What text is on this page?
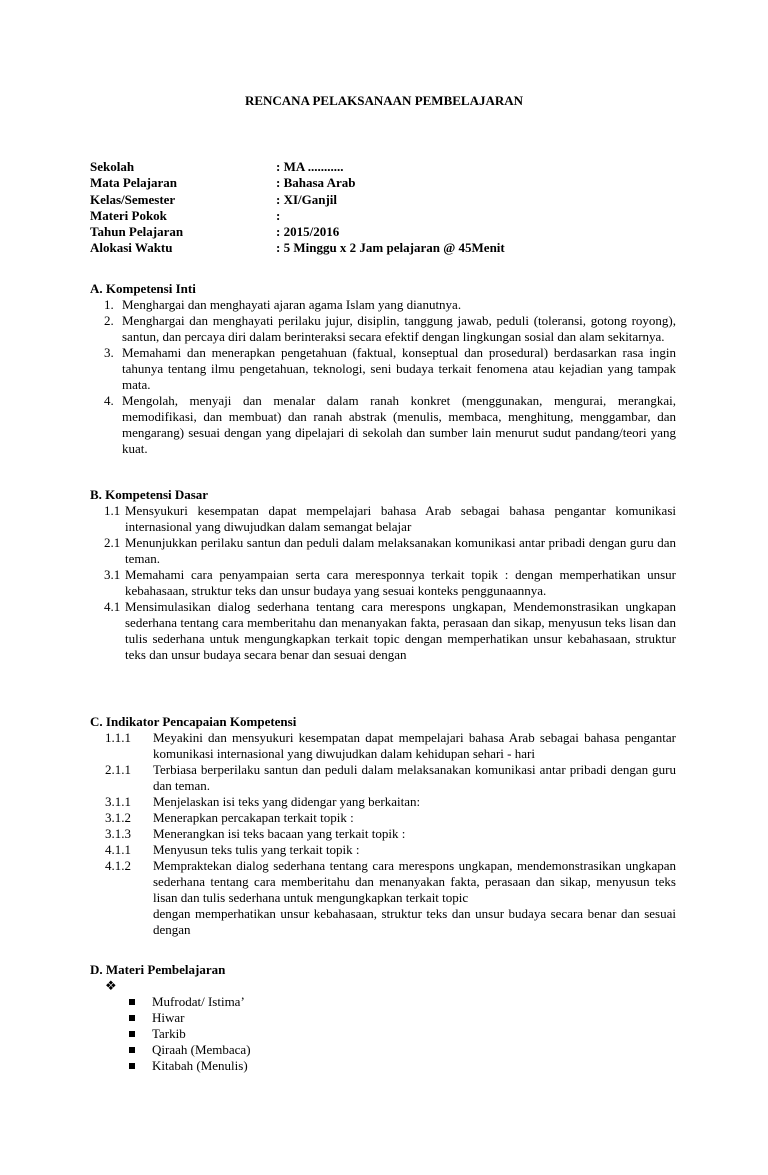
RENCANA PELAKSANAAN PEMBELAJARAN
Sekolah	: MA ...........
Mata Pelajaran	: Bahasa Arab
Kelas/Semester	: XI/Ganjil
Materi Pokok	:
Tahun Pelajaran	: 2015/2016
Alokasi Waktu	: 5 Minggu x 2 Jam pelajaran @ 45Menit
A. Kompetensi Inti
1. Menghargai dan menghayati ajaran agama Islam yang dianutnya.
2. Menghargai dan menghayati perilaku jujur, disiplin, tanggung jawab, peduli (toleransi, gotong royong), santun, dan percaya diri dalam berinteraksi secara efektif dengan lingkungan sosial dan alam sekitarnya.
3. Memahami dan menerapkan pengetahuan (faktual, konseptual dan prosedural) berdasarkan rasa ingin tahunya tentang ilmu pengetahuan, teknologi, seni budaya terkait fenomena atau kejadian yang tampak mata.
4. Mengolah, menyaji dan menalar dalam ranah konkret (menggunakan, mengurai, merangkai, memodifikasi, dan membuat) dan ranah abstrak (menulis, membaca, menghitung, menggambar, dan mengarang) sesuai dengan yang dipelajari di sekolah dan sumber lain menurut sudut pandang/teori yang kuat.
B. Kompetensi Dasar
1.1 Mensyukuri kesempatan dapat mempelajari bahasa Arab sebagai bahasa pengantar komunikasi internasional yang diwujudkan dalam semangat belajar
2.1 Menunjukkan perilaku santun dan peduli dalam melaksanakan komunikasi antar pribadi dengan guru dan teman.
3.1 Memahami cara penyampaian serta cara meresponnya terkait topik : dengan memperhatikan unsur kebahasaan, struktur teks dan unsur budaya yang sesuai konteks penggunaannya.
4.1 Mensimulasikan dialog sederhana tentang cara merespons ungkapan, Mendemonstrasikan ungkapan sederhana tentang cara memberitahu dan menanyakan fakta, perasaan dan sikap, menyusun teks lisan dan tulis sederhana untuk mengungkapkan terkait topic dengan memperhatikan unsur kebahasaan, struktur teks dan unsur budaya secara benar dan sesuai dengan
C. Indikator Pencapaian Kompetensi
1.1.1 Meyakini dan mensyukuri kesempatan dapat mempelajari bahasa Arab sebagai bahasa pengantar komunikasi internasional yang diwujudkan dalam kehidupan sehari - hari
2.1.1 Terbiasa berperilaku santun dan peduli dalam melaksanakan komunikasi antar pribadi dengan guru dan teman.
3.1.1 Menjelaskan isi teks yang didengar yang berkaitan:
3.1.2 Menerapkan percakapan terkait topik :
3.1.3 Menerangkan isi teks bacaan yang terkait topik :
4.1.1 Menyusun teks tulis yang terkait topik :
4.1.2 Mempraktekan dialog sederhana tentang cara merespons ungkapan, mendemonstrasikan ungkapan sederhana tentang cara memberitahu dan menanyakan fakta, perasaan dan sikap, menyusun teks lisan dan tulis sederhana untuk mengungkapkan terkait topic
dengan memperhatikan unsur kebahasaan, struktur teks dan unsur budaya secara benar dan sesuai dengan
D. Materi Pembelajaran
❖
Mufrodat/ Istima’
Hiwar
Tarkib
Qiraah (Membaca)
Kitabah (Menulis)
